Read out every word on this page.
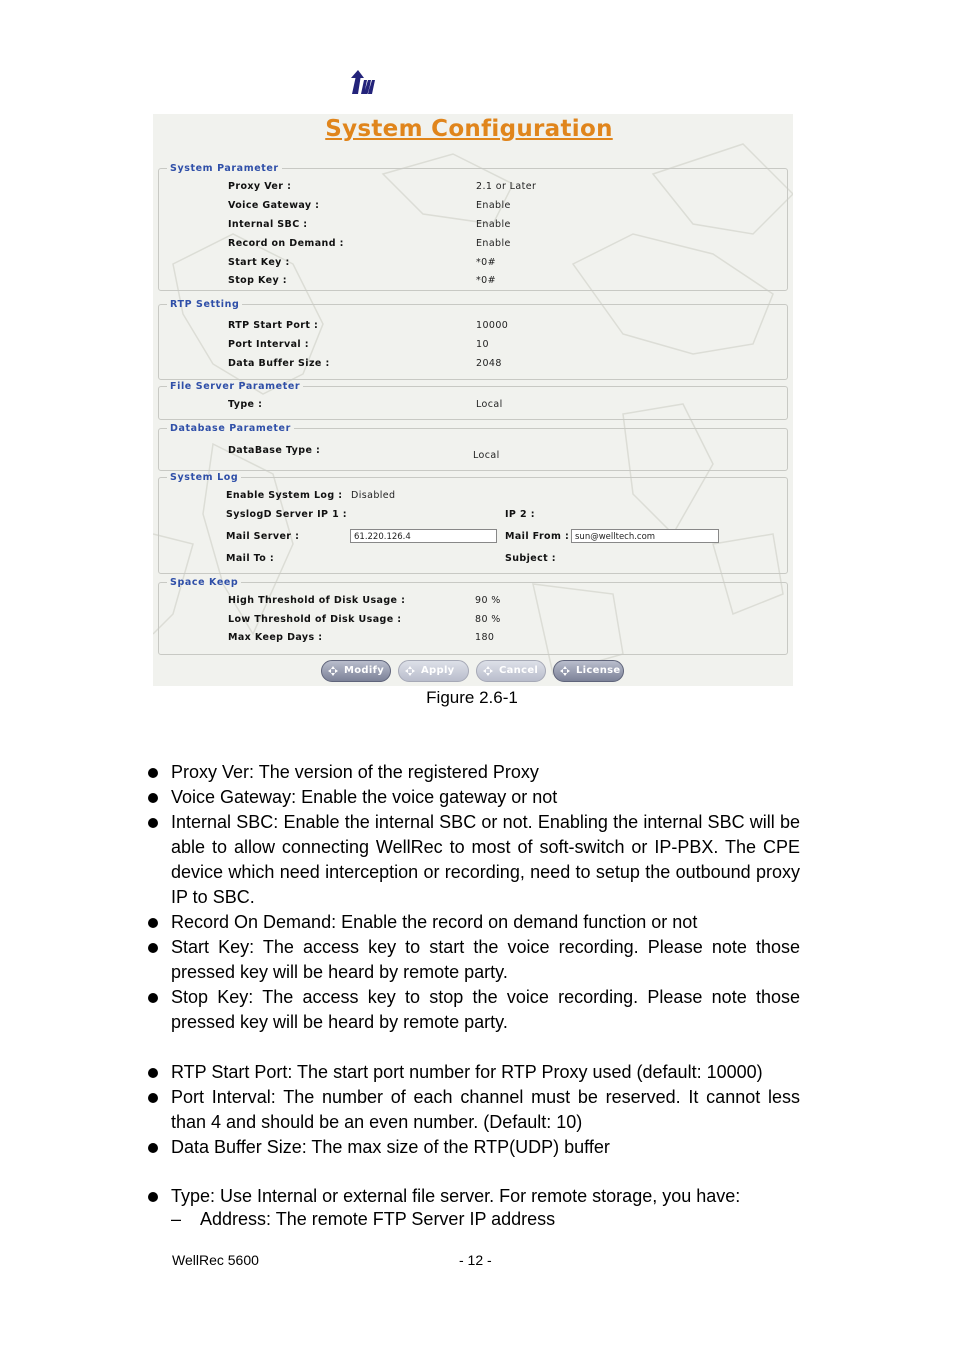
System Configuration
System Parameter
Proxy Ver :	2.1 or Later
Voice Gateway :	Enable
Internal SBC :	Enable
Record on Demand :	Enable
Start Key :	*0#
Stop Key :	*0#
RTP Setting
RTP Start Port :	10000
Port Interval :	10
Data Buffer Size :	2048
File Server Parameter
Type :	Local
Database Parameter
DataBase Type :	Local
System Log
Enable System Log : Disabled
SyslogD Server IP 1 :	IP 2 :
Mail Server :	61.220.126.4	Mail From : sun@welltech.com
Mail To :	Subject :
Space Keep
High Threshold of Disk Usage :	90 %
Low Threshold of Disk Usage :	80 %
Max Keep Days :	180
Modify	Apply	Cancel	License
Figure 2.6-1
Proxy Ver: The version of the registered Proxy
Voice Gateway: Enable the voice gateway or not
Internal SBC: Enable the internal SBC or not. Enabling the internal SBC will be able to allow connecting WellRec to most of soft-switch or IP-PBX. The CPE device which need interception or recording, need to setup the outbound proxy IP to SBC.
Record On Demand: Enable the record on demand function or not
Start Key: The access key to start the voice recording. Please note those pressed key will be heard by remote party.
Stop Key: The access key to stop the voice recording. Please note those pressed key will be heard by remote party.
RTP Start Port: The start port number for RTP Proxy used (default: 10000)
Port Interval: The number of each channel must be reserved. It cannot less than 4 and should be an even number. (Default: 10)
Data Buffer Size: The max size of the RTP(UDP) buffer
Type: Use Internal or external file server. For remote storage, you have:
– Address: The remote FTP Server IP address
WellRec 5600	- 12 -
